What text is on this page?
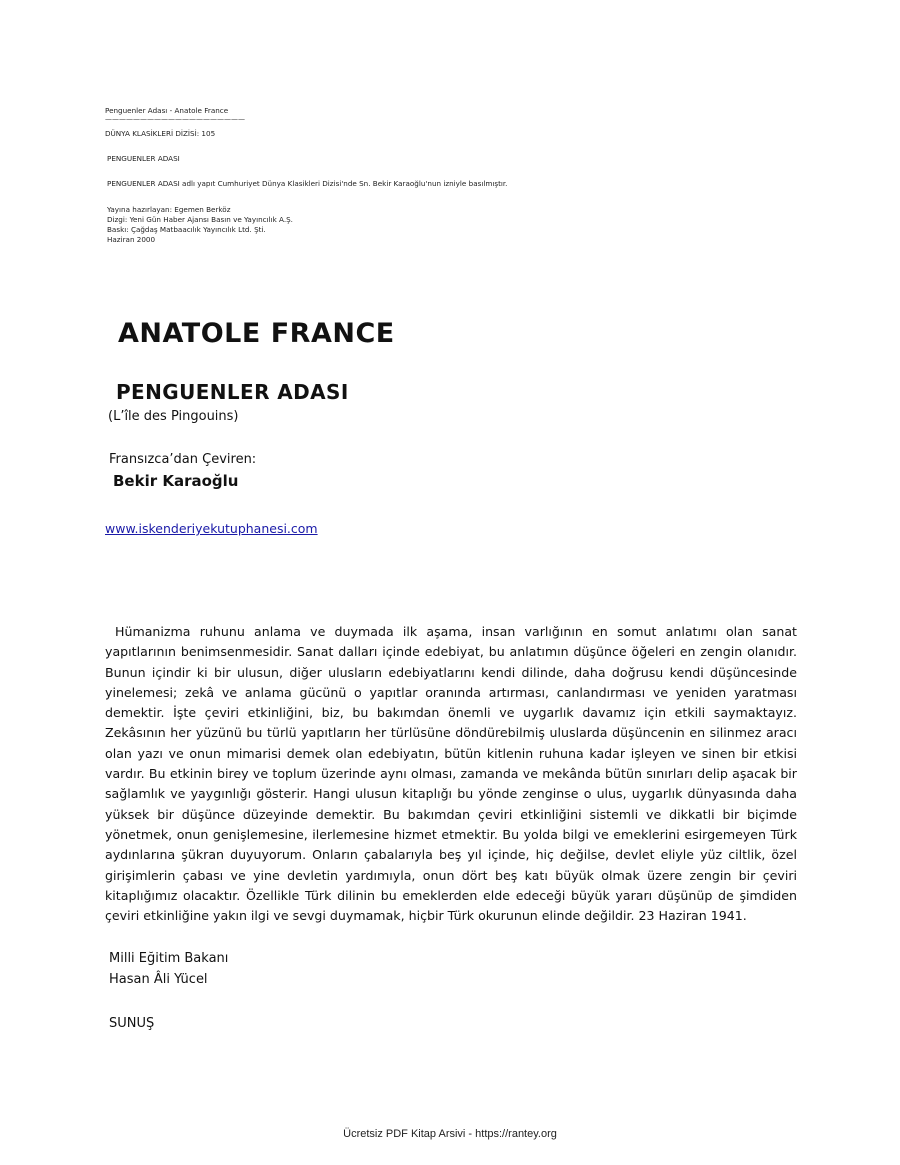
Penguenler Adası - Anatole France
————————————————————
DÜNYA KLASİKLERİ DİZİSİ: 105
PENGUENLER ADASI
PENGUENLER ADASI adlı yapıt Cumhuriyet Dünya Klasikleri Dizisi'nde Sn. Bekir Karaoğlu'nun izniyle basılmıştır.
Yayına hazırlayan: Egemen Berköz
Dizgi: Yeni Gün Haber Ajansı Basın ve Yayıncılık A.Ş.
Baskı: Çağdaş Matbaacılık Yayıncılık Ltd. Şti.
Haziran 2000
ANATOLE FRANCE
PENGUENLER ADASI
(L’île des Pingouins)
Fransızca’dan Çeviren:
Bekir Karaoğlu
www.iskenderiyekutuphanesi.com
Hümanizma ruhunu anlama ve duymada ilk aşama, insan varlığının en somut anlatımı olan sanat yapıtlarının benimsenmesidir. Sanat dalları içinde edebiyat, bu anlatımın düşünce öğeleri en zengin olanıdır. Bunun içindir ki bir ulusun, diğer ulusların edebiyatlarını kendi dilinde, daha doğrusu kendi düşüncesinde yinelemesi; zekâ ve anlama gücünü o yapıtlar oranında artırması, canlandırması ve yeniden yaratması demektir. İşte çeviri etkinliğini, biz, bu bakımdan önemli ve uygarlık davamız için etkili saymaktayız. Zekâsının her yüzünü bu türlü yapıtların her türlüsüne döndürebilmiş uluslarda düşüncenin en silinmez aracı olan yazı ve onun mimarisi demek olan edebiyatın, bütün kitlenin ruhuna kadar işleyen ve sinen bir etkisi vardır. Bu etkinin birey ve toplum üzerinde aynı olması, zamanda ve mekânda bütün sınırları delip aşacak bir sağlamlık ve yaygınlığı gösterir. Hangi ulusun kitaplığı bu yönde zenginse o ulus, uygarlık dünyasında daha yüksek bir düşünce düzeyinde demektir. Bu bakımdan çeviri etkinliğini sistemli ve dikkatli bir biçimde yönetmek, onun genişlemesine, ilerlemesine hizmet etmektir. Bu yolda bilgi ve emeklerini esirgemeyen Türk aydınlarına şükran duyuyorum. Onların çabalarıyla beş yıl içinde, hiç değilse, devlet eliyle yüz ciltlik, özel girişimlerin çabası ve yine devletin yardımıyla, onun dört beş katı büyük olmak üzere zengin bir çeviri kitaplığımız olacaktır. Özellikle Türk dilinin bu emeklerden elde edeceği büyük yararı düşünüp de şimdiden çeviri etkinliğine yakın ilgi ve sevgi duymamak, hiçbir Türk okurunun elinde değildir. 23 Haziran 1941.
Milli Eğitim Bakanı
Hasan Âli Yücel
SUNUŞ
Ücretsiz PDF Kitap Arsivi - https://rantey.org
